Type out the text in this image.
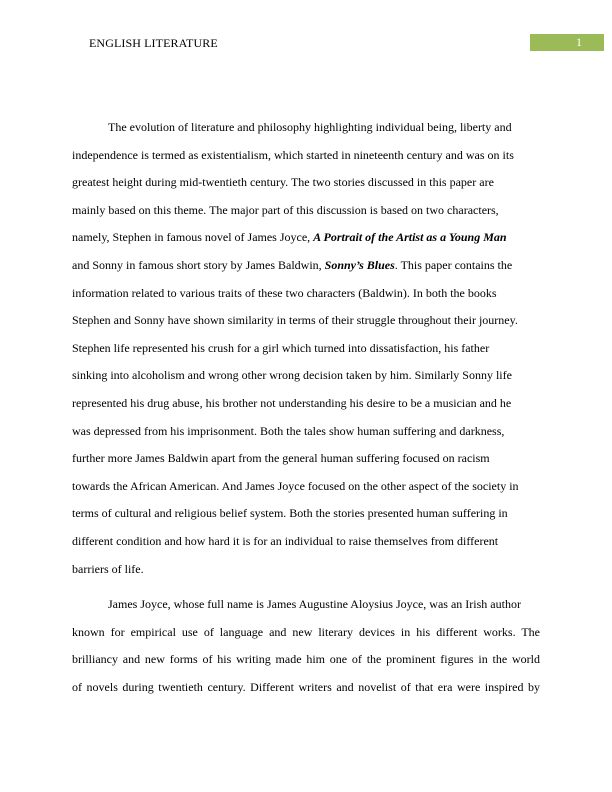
ENGLISH LITERATURE	1
The evolution of literature and philosophy highlighting individual being, liberty and
independence is termed as existentialism, which started in nineteenth century and was on its
greatest height during mid-twentieth century. The two stories discussed in this paper are
mainly based on this theme. The major part of this discussion is based on two characters,
namely, Stephen in famous novel of James Joyce, A Portrait of the Artist as a Young Man
and Sonny in famous short story by James Baldwin, Sonny’s Blues. This paper contains the
information related to various traits of these two characters (Baldwin). In both the books
Stephen and Sonny have shown similarity in terms of their struggle throughout their journey.
Stephen life represented his crush for a girl which turned into dissatisfaction, his father
sinking into alcoholism and wrong other wrong decision taken by him. Similarly Sonny life
represented his drug abuse, his brother not understanding his desire to be a musician and he
was depressed from his imprisonment. Both the tales show human suffering and darkness,
further more James Baldwin apart from the general human suffering focused on racism
towards the African American. And James Joyce focused on the other aspect of the society in
terms of cultural and religious belief system. Both the stories presented human suffering in
different condition and how hard it is for an individual to raise themselves from different
barriers of life.
James Joyce, whose full name is James Augustine Aloysius Joyce, was an Irish author
known for empirical use of language and new literary devices in his different works. The
brilliancy and new forms of his writing made him one of the prominent figures in the world
of novels during twentieth century. Different writers and novelist of that era were inspired by
